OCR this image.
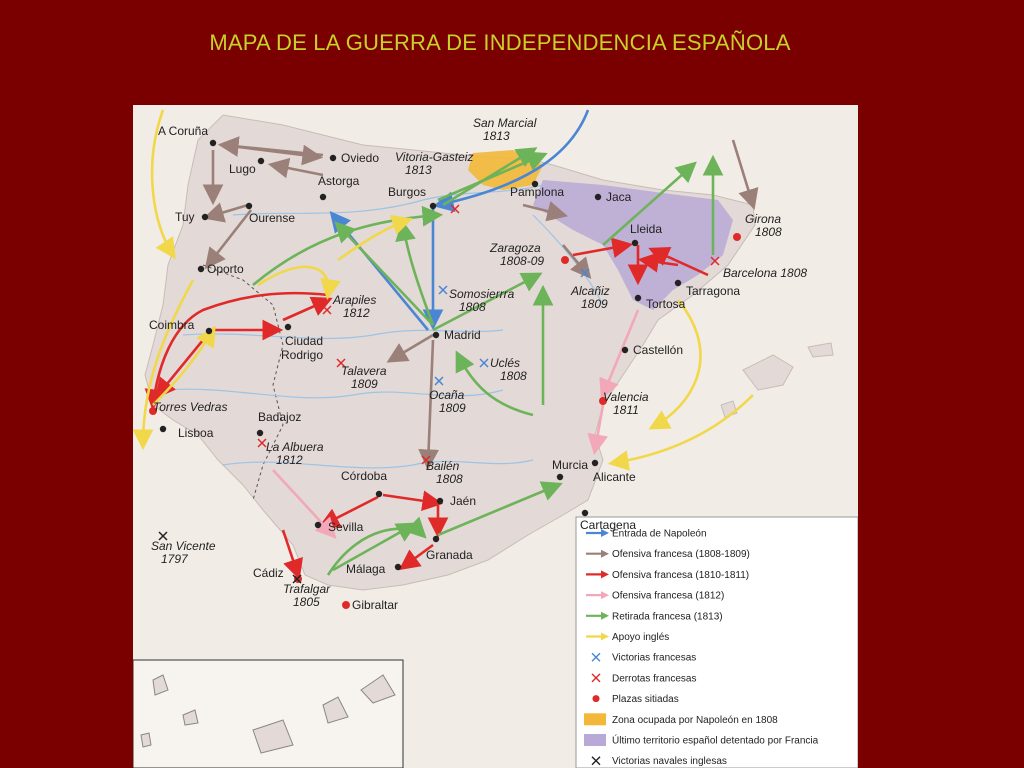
MAPA DE LA GUERRA DE INDEPENDENCIA ESPAÑOLA
Entrada de Napoleón
Ofensiva francesa (1808-1809)
Ofensiva francesa (1810-1811)
Ofensiva francesa (1812)
Retirada francesa (1813)
Apoyo inglés
Victorias francesas
Derrotas francesas
Plazas sitiadas
Zona ocupada por Napoleón en 1808
Último territorio español detentado por Francia
Victorias navales inglesas
A Coruña
Lugo
Oviedo
Astorga
Burgos
Tuy	Ourense
Oporto
Pamplona	Jaca
Lleida
Tarragona
Tortosa
Coimbra
Ciudad
Rodrigo
Madrid
Castellón
Badajoz
Lisboa
Córdoba
Jaén
Murcia
Alicante
Cartagena
Sevilla
Granada
Málaga
Gibraltar
Cádiz
San Marcial
1813
Vitoria-Gasteiz
1813
Girona
1808
Zaragoza
1808-09
Barcelona 1808
Alcañiz
1809
Arapiles
1812
Somosierrra
1808
Talavera
1809
Uclés
1808
Ocaña
1809
Valencia
1811
Torres Vedras
La Albuera
1812	Bailén
1808
San Vicente
1797
Trafalgar
1805
